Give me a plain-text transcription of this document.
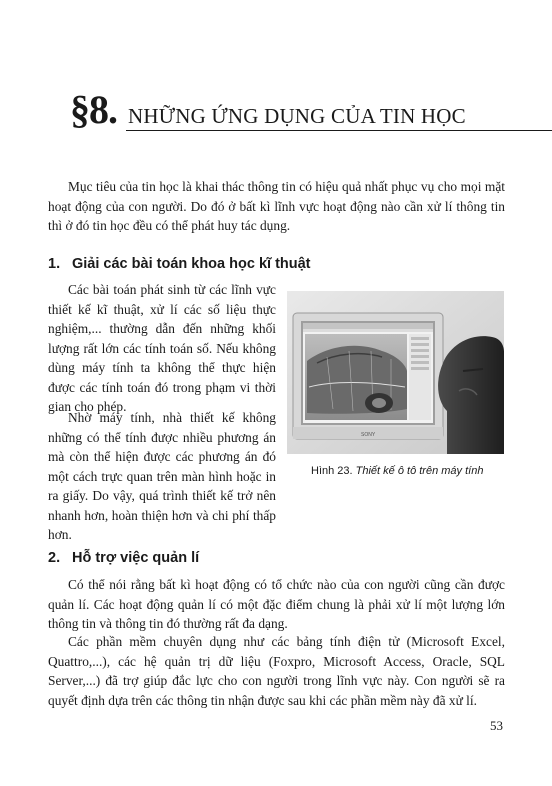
§8. NHỮNG ỨNG DỤNG CỦA TIN HỌC

Mục tiêu của tin học là khai thác thông tin có hiệu quả nhất phục vụ cho mọi mặt hoạt động của con người. Do đó ở bất kì lĩnh vực hoạt động nào cần xử lí thông tin thì ở đó tin học đều có thể phát huy tác dụng.

1. Giải các bài toán khoa học kĩ thuật

Các bài toán phát sinh từ các lĩnh vực thiết kế kĩ thuật, xử lí các số liệu thực nghiệm,... thường dẫn đến những khối lượng rất lớn các tính toán số. Nếu không dùng máy tính ta không thể thực hiện được các tính toán đó trong phạm vi thời gian cho phép.

Nhờ máy tính, nhà thiết kế không những có thể tính được nhiều phương án mà còn thể hiện được các phương án đó một cách trực quan trên màn hình hoặc in ra giấy. Do vậy, quá trình thiết kế trở nên nhanh hơn, hoàn thiện hơn và chi phí thấp hơn.

SONY
Hình 23. Thiết kế ô tô trên máy tính
2. Hỗ trợ việc quản lí

Có thể nói rằng bất kì hoạt động có tổ chức nào của con người cũng cần được quản lí. Các hoạt động quản lí có một đặc điểm chung là phải xử lí một lượng lớn thông tin và thông tin đó thường rất đa dạng.

Các phần mềm chuyên dụng như các bảng tính điện tử (Microsoft Excel, Quattro,...), các hệ quản trị dữ liệu (Foxpro, Microsoft Access, Oracle, SQL Server,...) đã trợ giúp đắc lực cho con người trong lĩnh vực này. Con người sẽ ra quyết định dựa trên các thông tin nhận được sau khi các phần mềm này đã xử lí.

53
